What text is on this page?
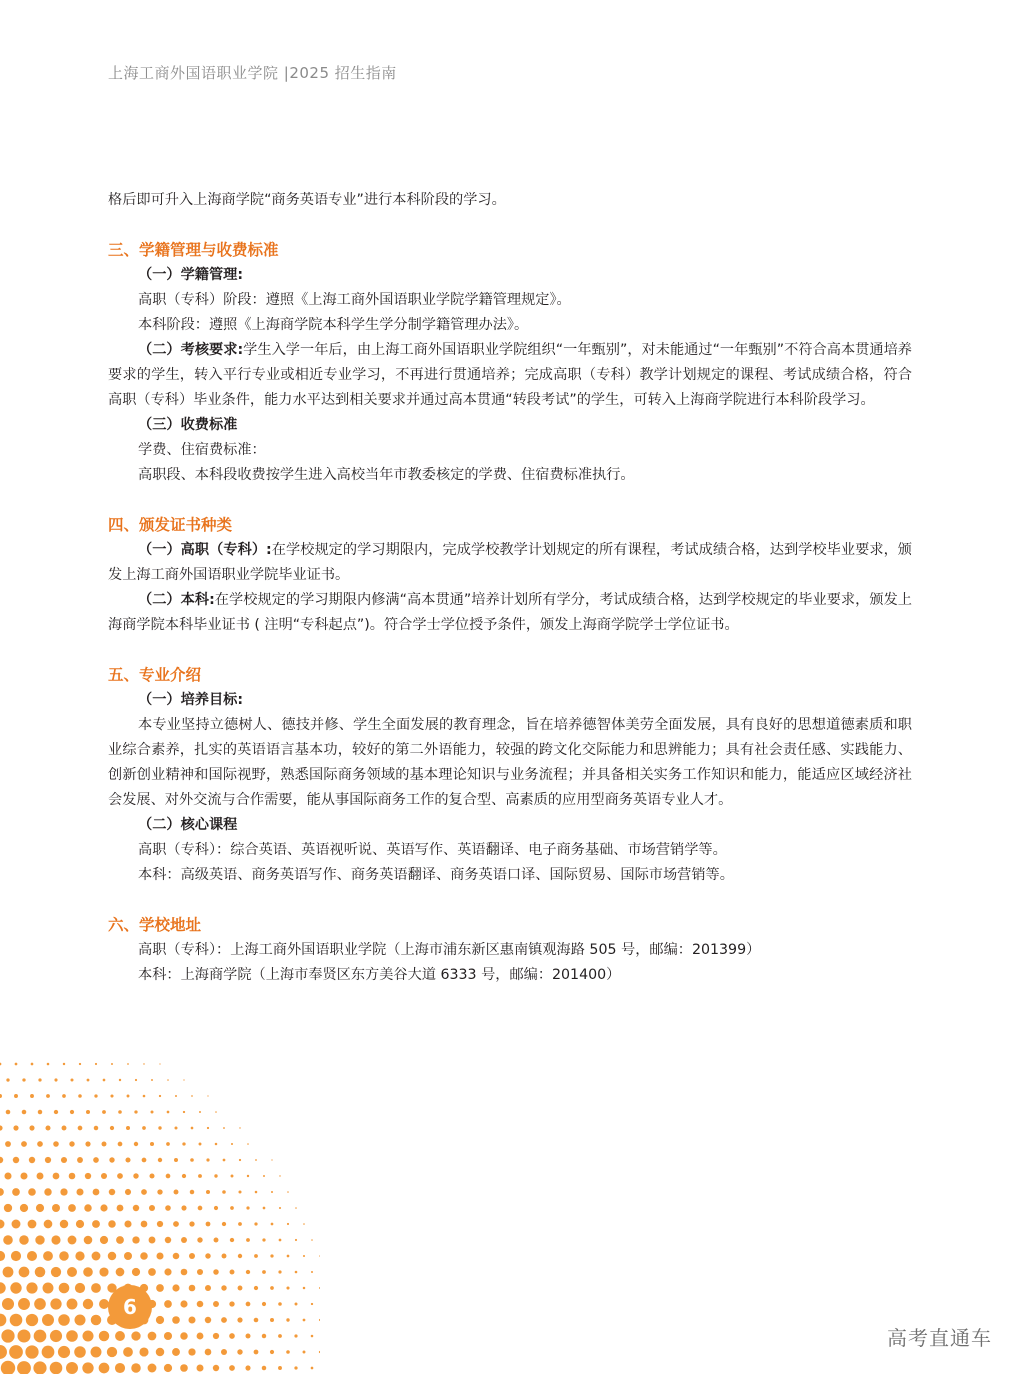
上海工商外国语职业学院 |2025 招生指南

格后即可升入上海商学院“商务英语专业”进行本科阶段的学习。

三、学籍管理与收费标准

（一）学籍管理:

高职（专科）阶段：遵照《上海工商外国语职业学院学籍管理规定》。

本科阶段：遵照《上海商学院本科学生学分制学籍管理办法》。

（二）考核要求:学生入学一年后，由上海工商外国语职业学院组织“一年甄别”，对未能通过“一年甄别”不符合高本贯通培养要求的学生，转入平行专业或相近专业学习，不再进行贯通培养；完成高职（专科）教学计划规定的课程、考试成绩合格，符合高职（专科）毕业条件，能力水平达到相关要求并通过高本贯通“转段考试”的学生，可转入上海商学院进行本科阶段学习。

（三）收费标准

学费、住宿费标准：

高职段、本科段收费按学生进入高校当年市教委核定的学费、住宿费标准执行。

四、颁发证书种类

（一）高职（专科）:在学校规定的学习期限内，完成学校教学计划规定的所有课程，考试成绩合格，达到学校毕业要求，颁发上海工商外国语职业学院毕业证书。

（二）本科:在学校规定的学习期限内修满“高本贯通”培养计划所有学分，考试成绩合格，达到学校规定的毕业要求，颁发上海商学院本科毕业证书 ( 注明“专科起点”)。符合学士学位授予条件，颁发上海商学院学士学位证书。

五、专业介绍

（一）培养目标:

本专业坚持立德树人、德技并修、学生全面发展的教育理念，旨在培养德智体美劳全面发展，具有良好的思想道德素质和职业综合素养，扎实的英语语言基本功，较好的第二外语能力，较强的跨文化交际能力和思辨能力；具有社会责任感、实践能力、创新创业精神和国际视野，熟悉国际商务领域的基本理论知识与业务流程；并具备相关实务工作知识和能力，能适应区域经济社会发展、对外交流与合作需要，能从事国际商务工作的复合型、高素质的应用型商务英语专业人才。

（二）核心课程

高职（专科）：综合英语、英语视听说、英语写作、英语翻译、电子商务基础、市场营销学等。

本科：高级英语、商务英语写作、商务英语翻译、商务英语口译、国际贸易、国际市场营销等。

六、学校地址

高职（专科）：上海工商外国语职业学院（上海市浦东新区惠南镇观海路 505 号，邮编：201399）

本科：上海商学院（上海市奉贤区东方美谷大道 6333 号，邮编：201400）

6
高考直通车
